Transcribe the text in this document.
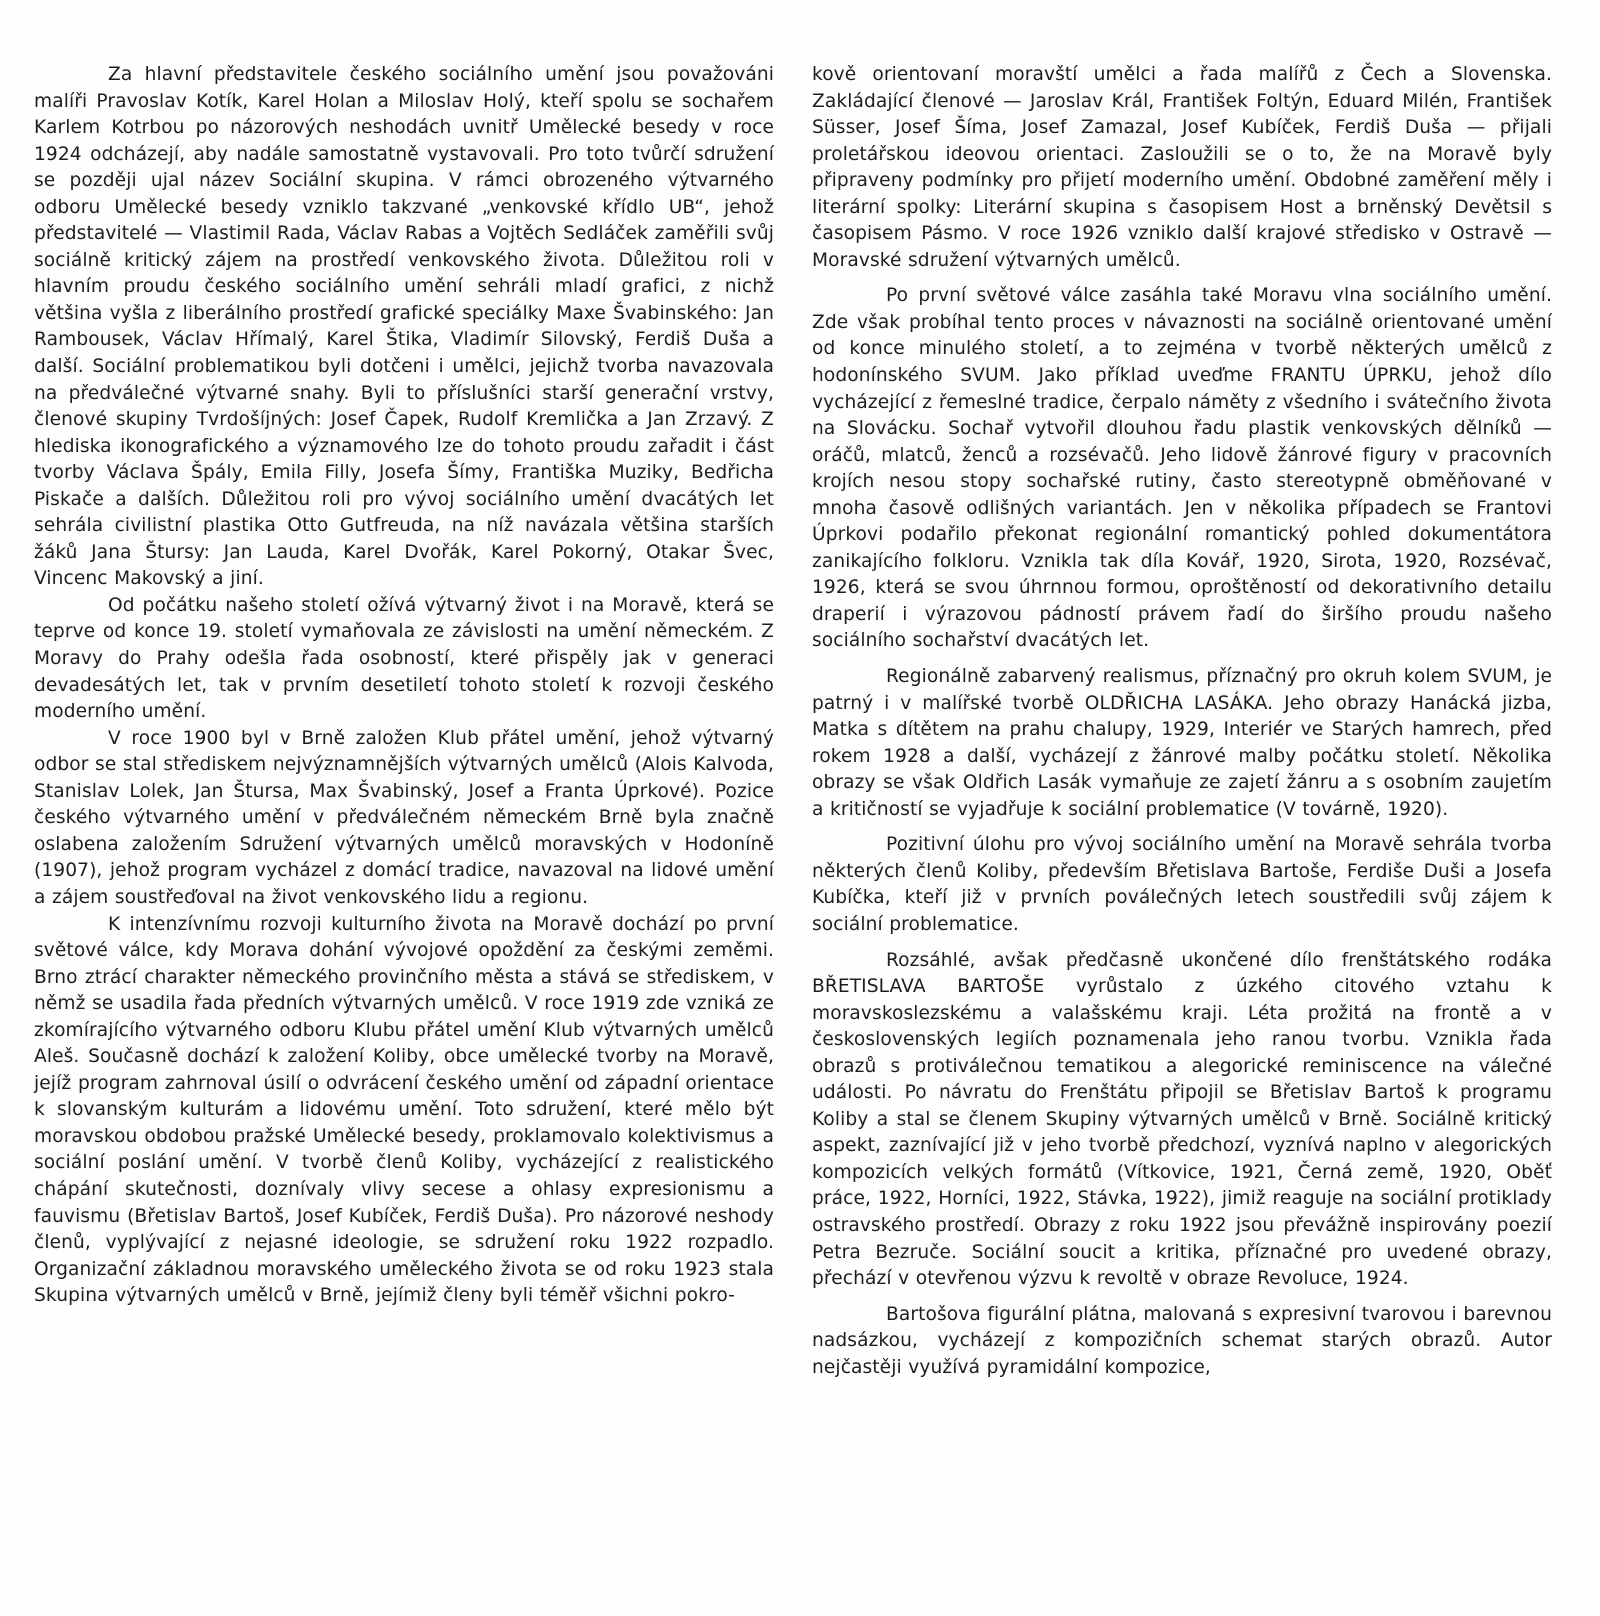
Za hlavní představitele českého sociálního umění jsou považováni malíři Pravoslav Kotík, Karel Holan a Miloslav Holý, kteří spolu se sochařem Karlem Kotrbou po názorových neshodách uvnitř Umělecké besedy v roce 1924 odcházejí, aby nadále samostatně vystavovali. Pro toto tvůrčí sdružení se později ujal název Sociální skupina. V rámci obrozeného výtvarného odboru Umělecké besedy vzniklo takzvané „venkovské křídlo UB“, jehož představitelé — Vlastimil Rada, Václav Rabas a Vojtěch Sedláček zaměřili svůj sociálně kritický zájem na prostředí venkovského života. Důležitou roli v hlavním proudu českého sociálního umění sehráli mladí grafici, z nichž většina vyšla z liberálního prostředí grafické speciálky Maxe Švabinského: Jan Rambousek, Václav Hřímalý, Karel Štika, Vladimír Silovský, Ferdiš Duša a další. Sociální problematikou byli dotčeni i umělci, jejichž tvorba navazovala na předválečné výtvarné snahy. Byli to příslušníci starší generační vrstvy, členové skupiny Tvrdošíjných: Josef Čapek, Rudolf Kremlička a Jan Zrzavý. Z hlediska ikonografického a významového lze do tohoto proudu zařadit i část tvorby Václava Špály, Emila Filly, Josefa Šímy, Františka Muziky, Bedřicha Piskače a dalších. Důležitou roli pro vývoj sociálního umění dvacátých let sehrála civilistní plastika Otto Gutfreuda, na níž navázala většina starších žáků Jana Štursy: Jan Lauda, Karel Dvořák, Karel Pokorný, Otakar Švec, Vincenc Makovský a jiní.

Od počátku našeho století ožívá výtvarný život i na Moravě, která se teprve od konce 19. století vymaňovala ze závislosti na umění německém. Z Moravy do Prahy odešla řada osobností, které přispěly jak v generaci devadesátých let, tak v prvním desetiletí tohoto století k rozvoji českého moderního umění.

V roce 1900 byl v Brně založen Klub přátel umění, jehož výtvarný odbor se stal střediskem nejvýznamnějších výtvarných umělců (Alois Kalvoda, Stanislav Lolek, Jan Štursa, Max Švabinský, Josef a Franta Úprkové). Pozice českého výtvarného umění v předválečném německém Brně byla značně oslabena založením Sdružení výtvarných umělců moravských v Hodoníně (1907), jehož program vycházel z domácí tradice, navazoval na lidové umění a zájem soustřeďoval na život venkovského lidu a regionu.

K intenzívnímu rozvoji kulturního života na Moravě dochází po první světové válce, kdy Morava dohání vývojové opoždění za českými zeměmi. Brno ztrácí charakter německého provinčního města a stává se střediskem, v němž se usadila řada předních výtvarných umělců. V roce 1919 zde vzniká ze zkomírajícího výtvarného odboru Klubu přátel umění Klub výtvarných umělců Aleš. Současně dochází k založení Koliby, obce umělecké tvorby na Moravě, jejíž program zahrnoval úsilí o odvrácení českého umění od západní orientace k slovanským kulturám a lidovému umění. Toto sdružení, které mělo být moravskou obdobou pražské Umělecké besedy, proklamovalo kolektivismus a sociální poslání umění. V tvorbě členů Koliby, vycházející z realistického chápání skutečnosti, doznívaly vlivy secese a ohlasy expresionismu a fauvismu (Břetislav Bartoš, Josef Kubíček, Ferdiš Duša). Pro názorové neshody členů, vyplývající z nejasné ideologie, se sdružení roku 1922 rozpadlo. Organizační základnou moravského uměleckého života se od roku 1923 stala Skupina výtvarných umělců v Brně, jejímiž členy byli téměř všichni pokro-

kově orientovaní moravští umělci a řada malířů z Čech a Slovenska. Zakládající členové — Jaroslav Král, František Foltýn, Eduard Milén, František Süsser, Josef Šíma, Josef Zamazal, Josef Kubíček, Ferdiš Duša — přijali proletářskou ideovou orientaci. Zasloužili se o to, že na Moravě byly připraveny podmínky pro přijetí moderního umění. Obdobné zaměření měly i literární spolky: Literární skupina s časopisem Host a brněnský Devětsil s časopisem Pásmo. V roce 1926 vzniklo další krajové středisko v Ostravě — Moravské sdružení výtvarných umělců.

Po první světové válce zasáhla také Moravu vlna sociálního umění. Zde však probíhal tento proces v návaznosti na sociálně orientované umění od konce minulého století, a to zejména v tvorbě některých umělců z hodonínského SVUM. Jako příklad uveďme FRANTU ÚPRKU, jehož dílo vycházející z řemeslné tradice, čerpalo náměty z všedního i svátečního života na Slovácku. Sochař vytvořil dlouhou řadu plastik venkovských dělníků — oráčů, mlatců, ženců a rozsévačů. Jeho lidově žánrové figury v pracovních krojích nesou stopy sochařské rutiny, často stereotypně obměňované v mnoha časově odlišných variantách. Jen v několika případech se Frantovi Úprkovi podařilo překonat regionální romantický pohled dokumentátora zanikajícího folkloru. Vznikla tak díla Kovář, 1920, Sirota, 1920, Rozsévač, 1926, která se svou úhrnnou formou, oproštěností od dekorativního detailu draperií i výrazovou pádností právem řadí do širšího proudu našeho sociálního sochařství dvacátých let.

Regionálně zabarvený realismus, příznačný pro okruh kolem SVUM, je patrný i v malířské tvorbě OLDŘICHA LASÁKA. Jeho obrazy Hanácká jizba, Matka s dítětem na prahu chalupy, 1929, Interiér ve Starých hamrech, před rokem 1928 a další, vycházejí z žánrové malby počátku století. Několika obrazy se však Oldřich Lasák vymaňuje ze zajetí žánru a s osobním zaujetím a kritičností se vyjadřuje k sociální problematice (V továrně, 1920).

Pozitivní úlohu pro vývoj sociálního umění na Moravě sehrála tvorba některých členů Koliby, především Břetislava Bartoše, Ferdiše Duši a Josefa Kubíčka, kteří již v prvních poválečných letech soustředili svůj zájem k sociální problematice.

Rozsáhlé, avšak předčasně ukončené dílo frenštátského rodáka BŘETISLAVA BARTOŠE vyrůstalo z úzkého citového vztahu k moravskoslezskému a valašskému kraji. Léta prožitá na frontě a v československých legiích poznamenala jeho ranou tvorbu. Vznikla řada obrazů s protiválečnou tematikou a alegorické reminiscence na válečné události. Po návratu do Frenštátu připojil se Břetislav Bartoš k programu Koliby a stal se členem Skupiny výtvarných umělců v Brně. Sociálně kritický aspekt, zaznívající již v jeho tvorbě předchozí, vyznívá naplno v alegorických kompozicích velkých formátů (Vítkovice, 1921, Černá země, 1920, Oběť práce, 1922, Horníci, 1922, Stávka, 1922), jimiž reaguje na sociální protiklady ostravského prostředí. Obrazy z roku 1922 jsou převážně inspirovány poezií Petra Bezruče. Sociální soucit a kritika, příznačné pro uvedené obrazy, přechází v otevřenou výzvu k revoltě v obraze Revoluce, 1924.

Bartošova figurální plátna, malovaná s expresivní tvarovou i barevnou nadsázkou, vycházejí z kompozičních schemat starých obrazů. Autor nejčastěji využívá pyramidální kompozice,
